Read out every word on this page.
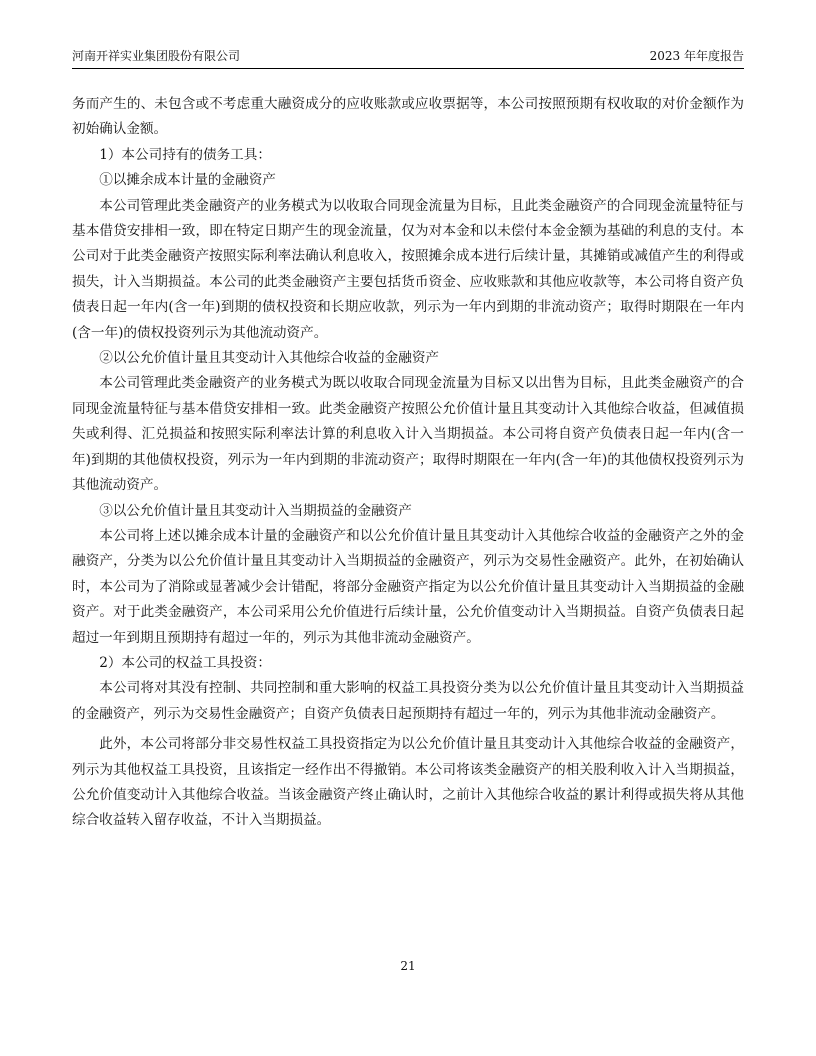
河南开祥实业集团股份有限公司	2023 年年度报告

务而产生的、未包含或不考虑重大融资成分的应收账款或应收票据等，本公司按照预期有权收取的对价金额作为初始确认金额。

1）本公司持有的债务工具：

①以摊余成本计量的金融资产

本公司管理此类金融资产的业务模式为以收取合同现金流量为目标，且此类金融资产的合同现金流量特征与基本借贷安排相一致，即在特定日期产生的现金流量，仅为对本金和以未偿付本金金额为基础的利息的支付。本公司对于此类金融资产按照实际利率法确认利息收入，按照摊余成本进行后续计量，其摊销或减值产生的利得或损失，计入当期损益。本公司的此类金融资产主要包括货币资金、应收账款和其他应收款等，本公司将自资产负债表日起一年内(含一年)到期的债权投资和长期应收款，列示为一年内到期的非流动资产；取得时期限在一年内(含一年)的债权投资列示为其他流动资产。

②以公允价值计量且其变动计入其他综合收益的金融资产

本公司管理此类金融资产的业务模式为既以收取合同现金流量为目标又以出售为目标，且此类金融资产的合同现金流量特征与基本借贷安排相一致。此类金融资产按照公允价值计量且其变动计入其他综合收益，但减值损失或利得、汇兑损益和按照实际利率法计算的利息收入计入当期损益。本公司将自资产负债表日起一年内(含一年)到期的其他债权投资，列示为一年内到期的非流动资产；取得时期限在一年内(含一年)的其他债权投资列示为其他流动资产。

③以公允价值计量且其变动计入当期损益的金融资产

本公司将上述以摊余成本计量的金融资产和以公允价值计量且其变动计入其他综合收益的金融资产之外的金融资产，分类为以公允价值计量且其变动计入当期损益的金融资产，列示为交易性金融资产。此外，在初始确认时，本公司为了消除或显著减少会计错配，将部分金融资产指定为以公允价值计量且其变动计入当期损益的金融资产。对于此类金融资产，本公司采用公允价值进行后续计量，公允价值变动计入当期损益。自资产负债表日起超过一年到期且预期持有超过一年的，列示为其他非流动金融资产。

2）本公司的权益工具投资：

本公司将对其没有控制、共同控制和重大影响的权益工具投资分类为以公允价值计量且其变动计入当期损益的金融资产，列示为交易性金融资产；自资产负债表日起预期持有超过一年的，列示为其他非流动金融资产。

此外，本公司将部分非交易性权益工具投资指定为以公允价值计量且其变动计入其他综合收益的金融资产，列示为其他权益工具投资，且该指定一经作出不得撤销。本公司将该类金融资产的相关股利收入计入当期损益，公允价值变动计入其他综合收益。当该金融资产终止确认时，之前计入其他综合收益的累计利得或损失将从其他综合收益转入留存收益，不计入当期损益。

21
